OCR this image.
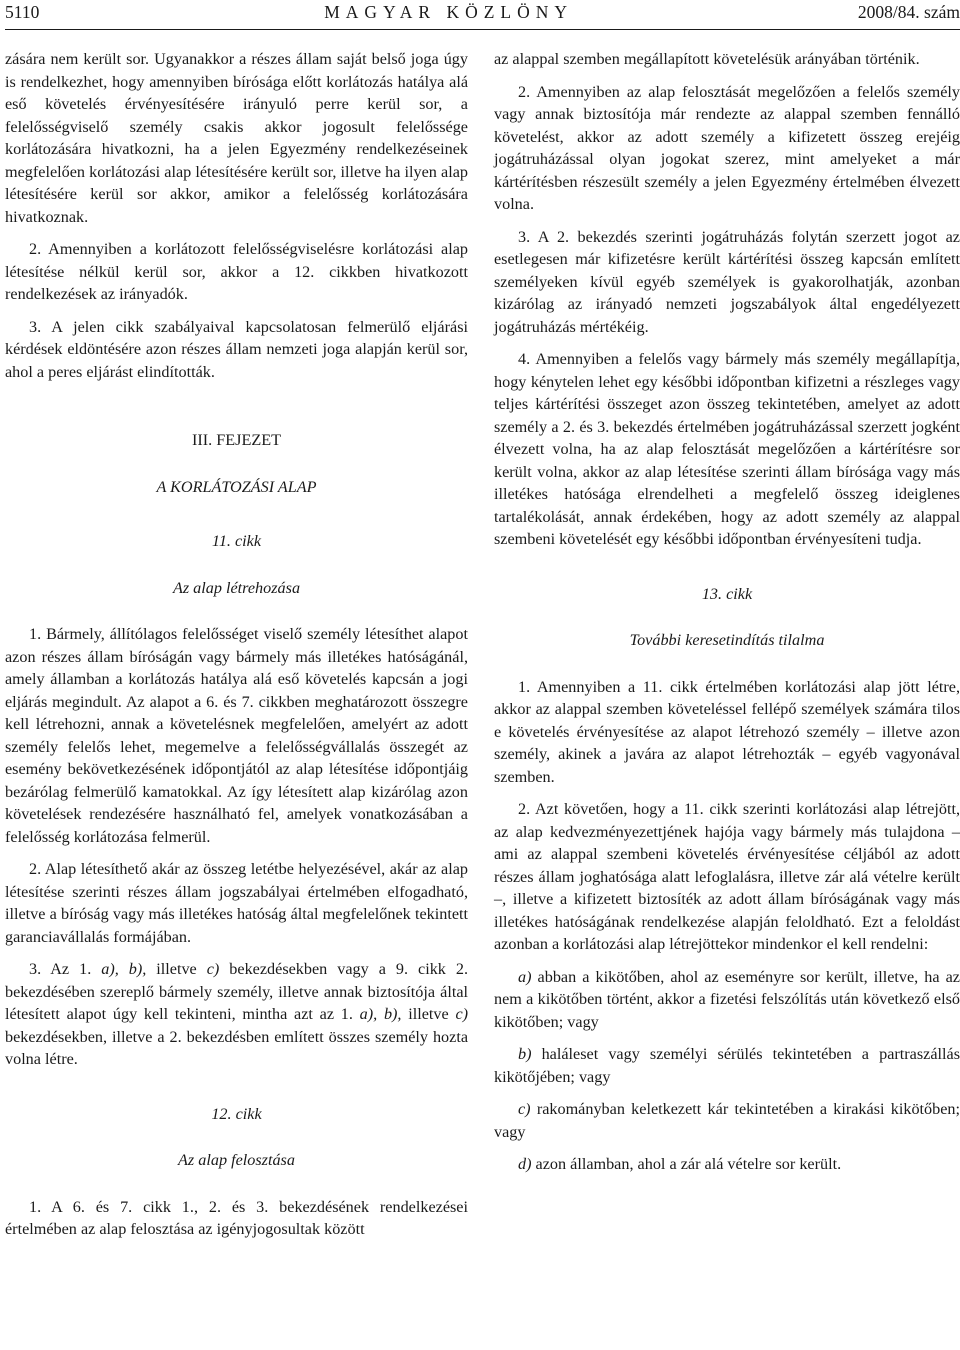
5110	MAGYAR KÖZLÖNY	2008/84. szám

zására nem került sor. Ugyanakkor a részes állam saját belső joga úgy is rendelkezhet, hogy amennyiben bírósága előtt korlátozás hatálya alá eső követelés érvényesítésére irányuló perre kerül sor, a felelősségviselő személy csakis akkor jogosult felelőssége korlátozására hivatkozni, ha a jelen Egyezmény rendelkezéseinek megfelelően korlátozási alap létesítésére került sor, illetve ha ilyen alap létesítésére kerül sor akkor, amikor a felelősség korlátozására hivatkoznak.

2. Amennyiben a korlátozott felelősségviselésre korlátozási alap létesítése nélkül kerül sor, akkor a 12. cikkben hivatkozott rendelkezések az irányadók.

3. A jelen cikk szabályaival kapcsolatosan felmerülő eljárási kérdések eldöntésére azon részes állam nemzeti joga alapján kerül sor, ahol a peres eljárást elindították.

III. FEJEZET
A KORLÁTOZÁSI ALAP
11. cikk
Az alap létrehozása

1. Bármely, állítólagos felelősséget viselő személy létesíthet alapot azon részes állam bíróságán vagy bármely más illetékes hatóságánál, amely államban a korlátozás hatálya alá eső követelés kapcsán a jogi eljárás megindult. Az alapot a 6. és 7. cikkben meghatározott összegre kell létrehozni, annak a követelésnek megfelelően, amelyért az adott személy felelős lehet, megemelve a felelősségvállalás összegét az esemény bekövetkezésének időpontjától az alap létesítése időpontjáig bezárólag felmerülő kamatokkal. Az így létesített alap kizárólag azon követelések rendezésére használható fel, amelyek vonatkozásában a felelősség korlátozása felmerül.

2. Alap létesíthető akár az összeg letétbe helyezésével, akár az alap létesítése szerinti részes állam jogszabályai értelmében elfogadható, illetve a bíróság vagy más illetékes hatóság által megfelelőnek tekintett garanciavállalás formájában.

3. Az 1. a), b), illetve c) bekezdésekben vagy a 9. cikk 2. bekezdésében szereplő bármely személy, illetve annak biztosítója által létesített alapot úgy kell tekinteni, mintha azt az 1. a), b), illetve c) bekezdésekben, illetve a 2. bekezdésben említett összes személy hozta volna létre.

12. cikk
Az alap felosztása

1. A 6. és 7. cikk 1., 2. és 3. bekezdésének rendelkezései értelmében az alap felosztása az igényjogosultak között

az alappal szemben megállapított követelésük arányában történik.

2. Amennyiben az alap felosztását megelőzően a felelős személy vagy annak biztosítója már rendezte az alappal szemben fennálló követelést, akkor az adott személy a kifizetett összeg erejéig jogátruházással olyan jogokat szerez, mint amelyeket a már kártérítésben részesült személy a jelen Egyezmény értelmében élvezett volna.

3. A 2. bekezdés szerinti jogátruházás folytán szerzett jogot az esetlegesen már kifizetésre került kártérítési összeg kapcsán említett személyeken kívül egyéb személyek is gyakorolhatják, azonban kizárólag az irányadó nemzeti jogszabályok által engedélyezett jogátruházás mértékéig.

4. Amennyiben a felelős vagy bármely más személy megállapítja, hogy kénytelen lehet egy későbbi időpontban kifizetni a részleges vagy teljes kártérítési összeget azon összeg tekintetében, amelyet az adott személy a 2. és 3. bekezdés értelmében jogátruházással szerzett jogként élvezett volna, ha az alap felosztását megelőzően a kártérítésre sor került volna, akkor az alap létesítése szerinti állam bírósága vagy más illetékes hatósága elrendelheti a megfelelő összeg ideiglenes tartalékolását, annak érdekében, hogy az adott személy az alappal szembeni követelését egy későbbi időpontban érvényesíteni tudja.

13. cikk
További keresetindítás tilalma

1. Amennyiben a 11. cikk értelmében korlátozási alap jött létre, akkor az alappal szemben követeléssel fellépő személyek számára tilos e követelés érvényesítése az alapot létrehozó személy – illetve azon személy, akinek a javára az alapot létrehozták – egyéb vagyonával szemben.

2. Azt követően, hogy a 11. cikk szerinti korlátozási alap létrejött, az alap kedvezményezettjének hajója vagy bármely más tulajdona – ami az alappal szembeni követelés érvényesítése céljából az adott részes állam joghatósága alatt lefoglalásra, illetve zár alá vételre került –, illetve a kifizetett biztosíték az adott állam bíróságának vagy más illetékes hatóságának rendelkezése alapján feloldható. Ezt a feloldást azonban a korlátozási alap létrejöttekor mindenkor el kell rendelni:

a) abban a kikötőben, ahol az eseményre sor került, illetve, ha az nem a kikötőben történt, akkor a fizetési felszólítás után következő első kikötőben; vagy

b) haláleset vagy személyi sérülés tekintetében a partraszállás kikötőjében; vagy

c) rakományban keletkezett kár tekintetében a kirakási kikötőben; vagy

d) azon államban, ahol a zár alá vételre sor került.
